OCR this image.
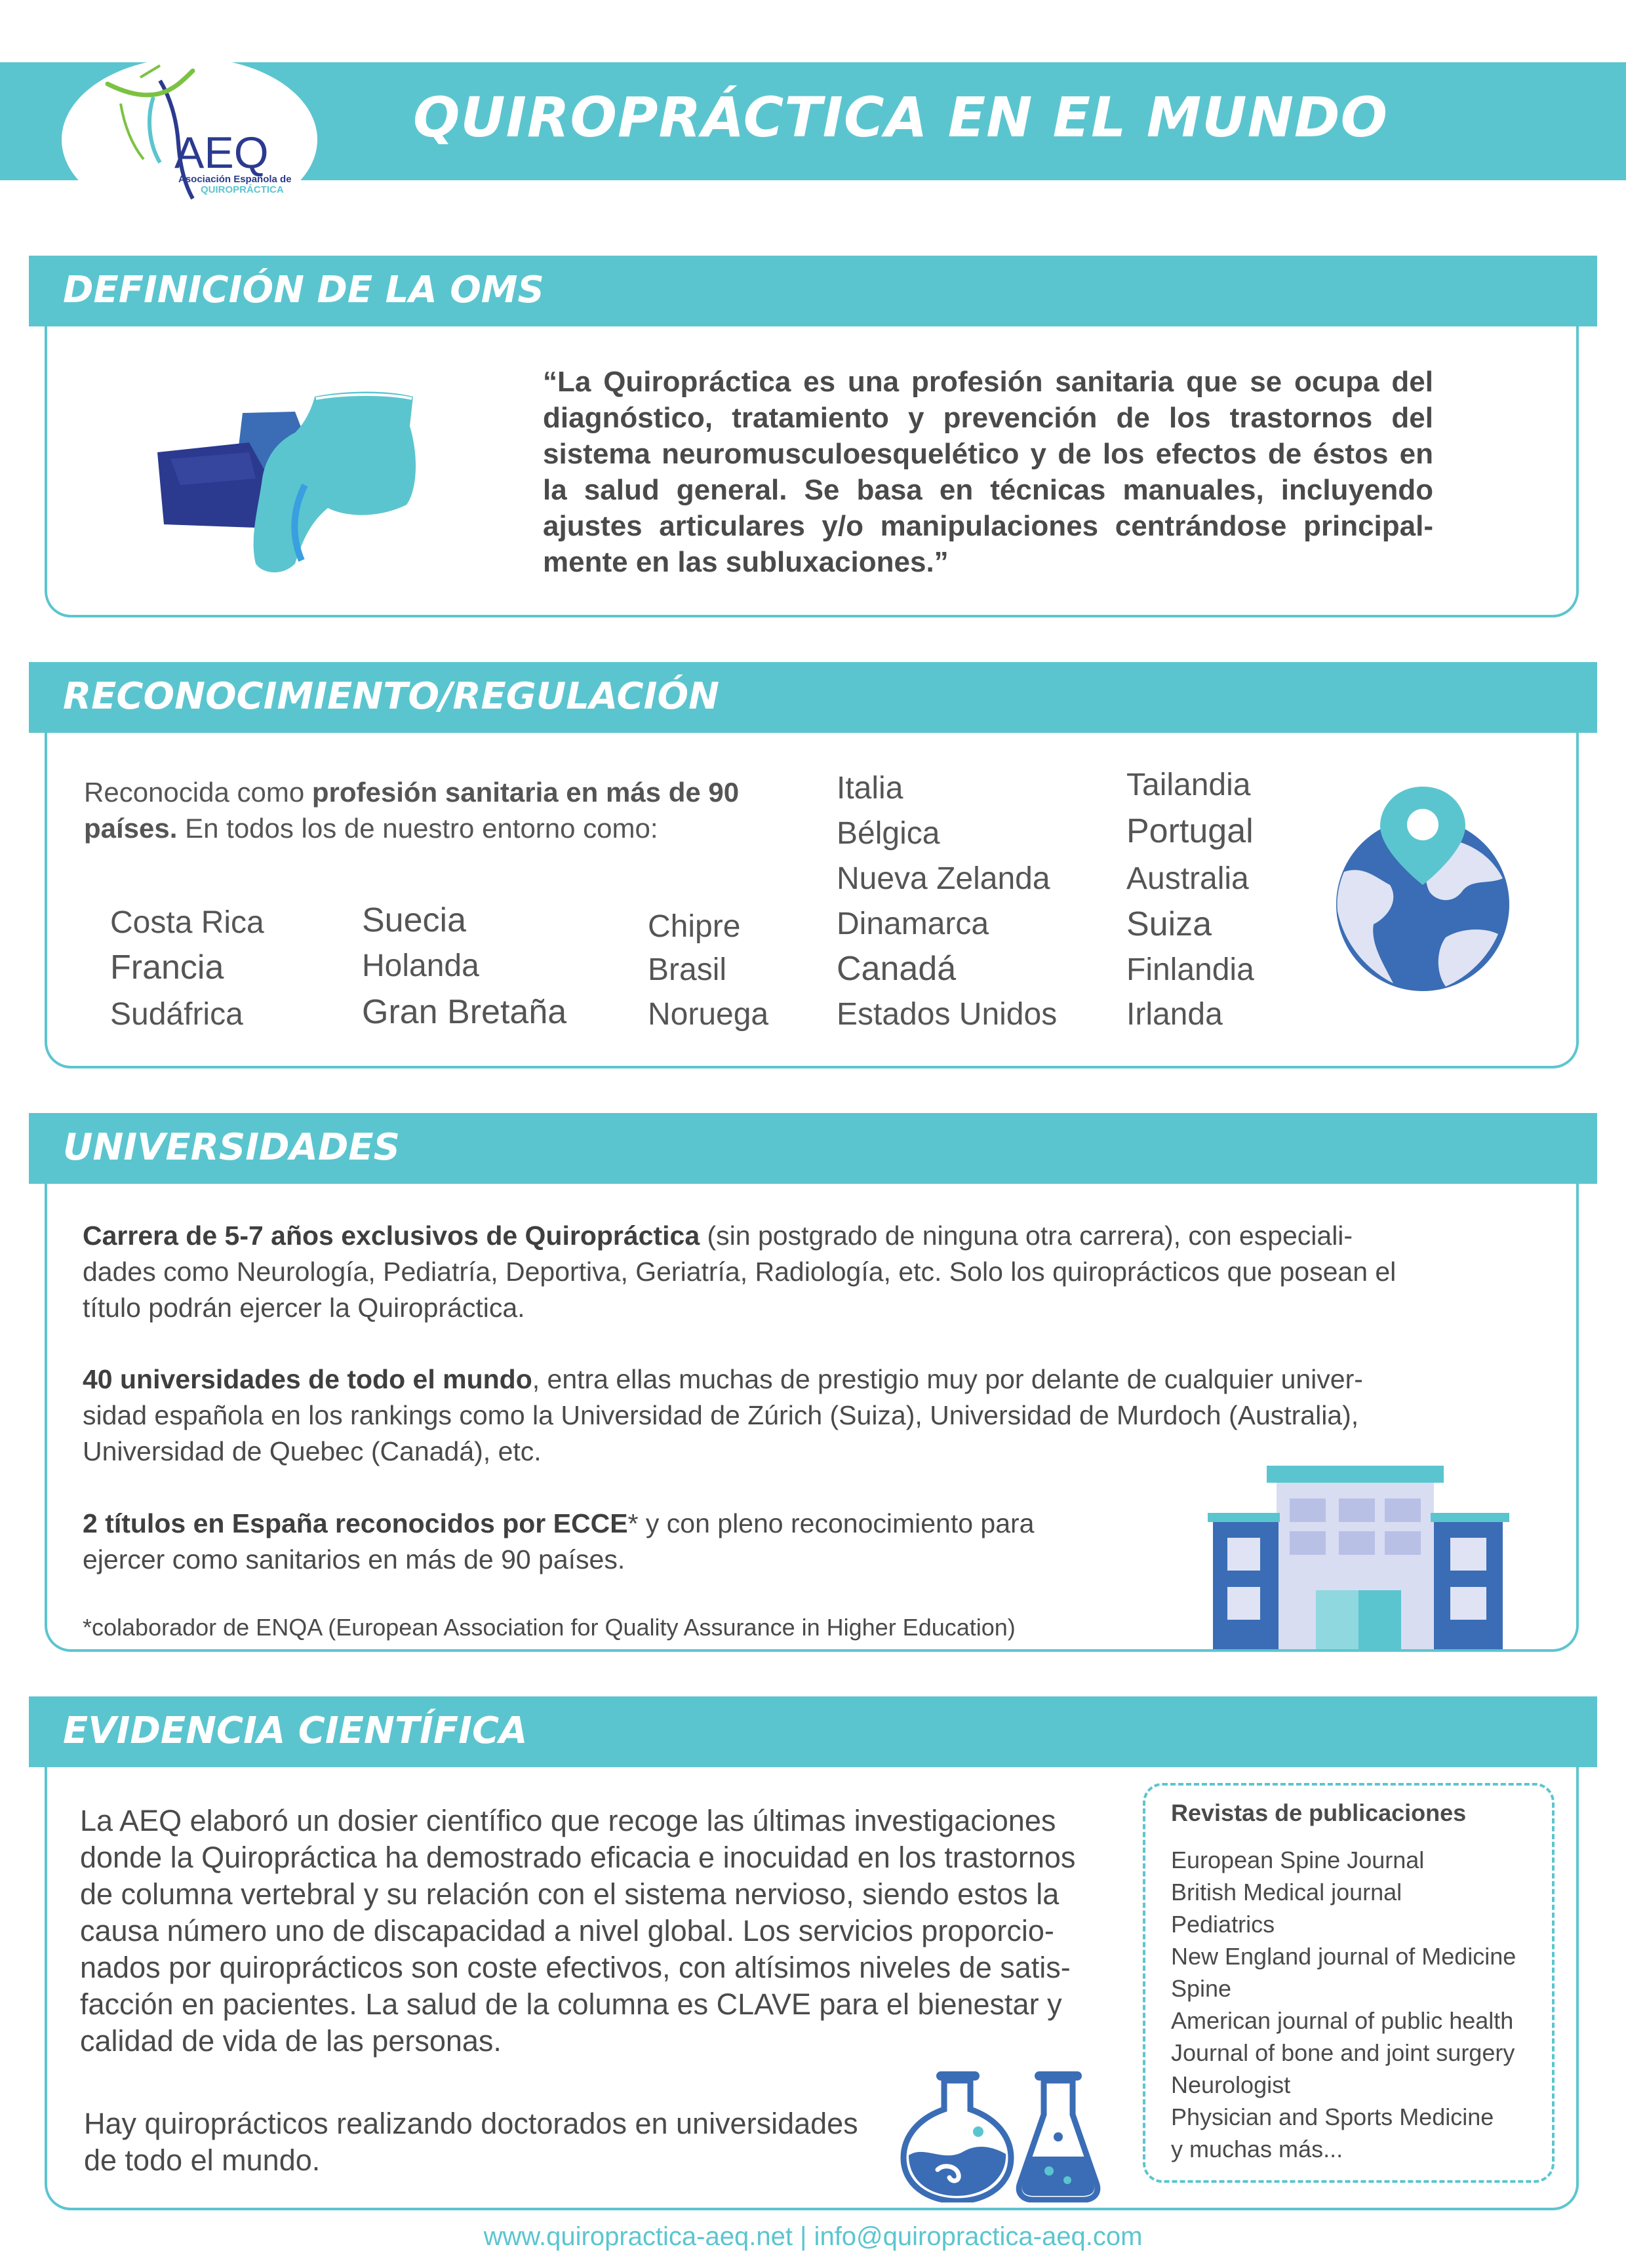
AEQ
Asociación Española de
QUIROPRÁCTICA
QUIROPRÁCTICA EN EL MUNDO
DEFINICIÓN DE LA OMS
“La Quiropráctica es una profesión sanitaria que se ocupa del
diagnóstico, tratamiento y prevención de los trastornos del
sistema neuromusculoesquelético y de los efectos de éstos en
la salud general. Se basa en técnicas manuales, incluyendo
ajustes articulares y/o manipulaciones centrándose principal-
mente en las subluxaciones.”
RECONOCIMIENTO/REGULACIÓN
Reconocida como profesión sanitaria en más de 90
países. En todos los de nuestro entorno como:
Costa Rica
Francia
Sudáfrica
Suecia
Holanda
Gran Bretaña
Chipre
Brasil
Noruega
Italia
Bélgica
Nueva Zelanda
Dinamarca
Canadá
Estados Unidos
Tailandia
Portugal
Australia
Suiza
Finlandia
Irlanda
UNIVERSIDADES
Carrera de 5-7 años exclusivos de Quiropráctica (sin postgrado de ninguna otra carrera), con especiali-
dades como Neurología, Pediatría, Deportiva, Geriatría, Radiología, etc. Solo los quiroprácticos que posean el
título podrán ejercer la Quiropráctica.
40 universidades de todo el mundo, entra ellas muchas de prestigio muy por delante de cualquier univer-
sidad española en los rankings como la Universidad de Zúrich (Suiza), Universidad de Murdoch (Australia),
Universidad de Quebec (Canadá), etc.
2 títulos en España reconocidos por ECCE* y con pleno reconocimiento para
ejercer como sanitarios en más de 90 países.
*colaborador de ENQA (European Association for Quality Assurance in Higher Education)
EVIDENCIA CIENTÍFICA
La AEQ elaboró un dosier científico que recoge las últimas investigaciones
donde la Quiropráctica ha demostrado eficacia e inocuidad en los trastornos
de columna vertebral y su relación con el sistema nervioso, siendo estos la
causa número uno de discapacidad a nivel global. Los servicios proporcio-
nados por quiroprácticos son coste efectivos, con altísimos niveles de satis-
facción en pacientes. La salud de la columna es CLAVE para el bienestar y
calidad de vida de las personas.
Hay quiroprácticos realizando doctorados en universidades
de todo el mundo.
Revistas de publicaciones
European Spine Journal
British Medical journal
Pediatrics
New England journal of Medicine
Spine
American journal of public health
Journal of bone and joint surgery
Neurologist
Physician and Sports Medicine
y muchas más...
www.quiropractica-aeq.net | info@quiropractica-aeq.com
